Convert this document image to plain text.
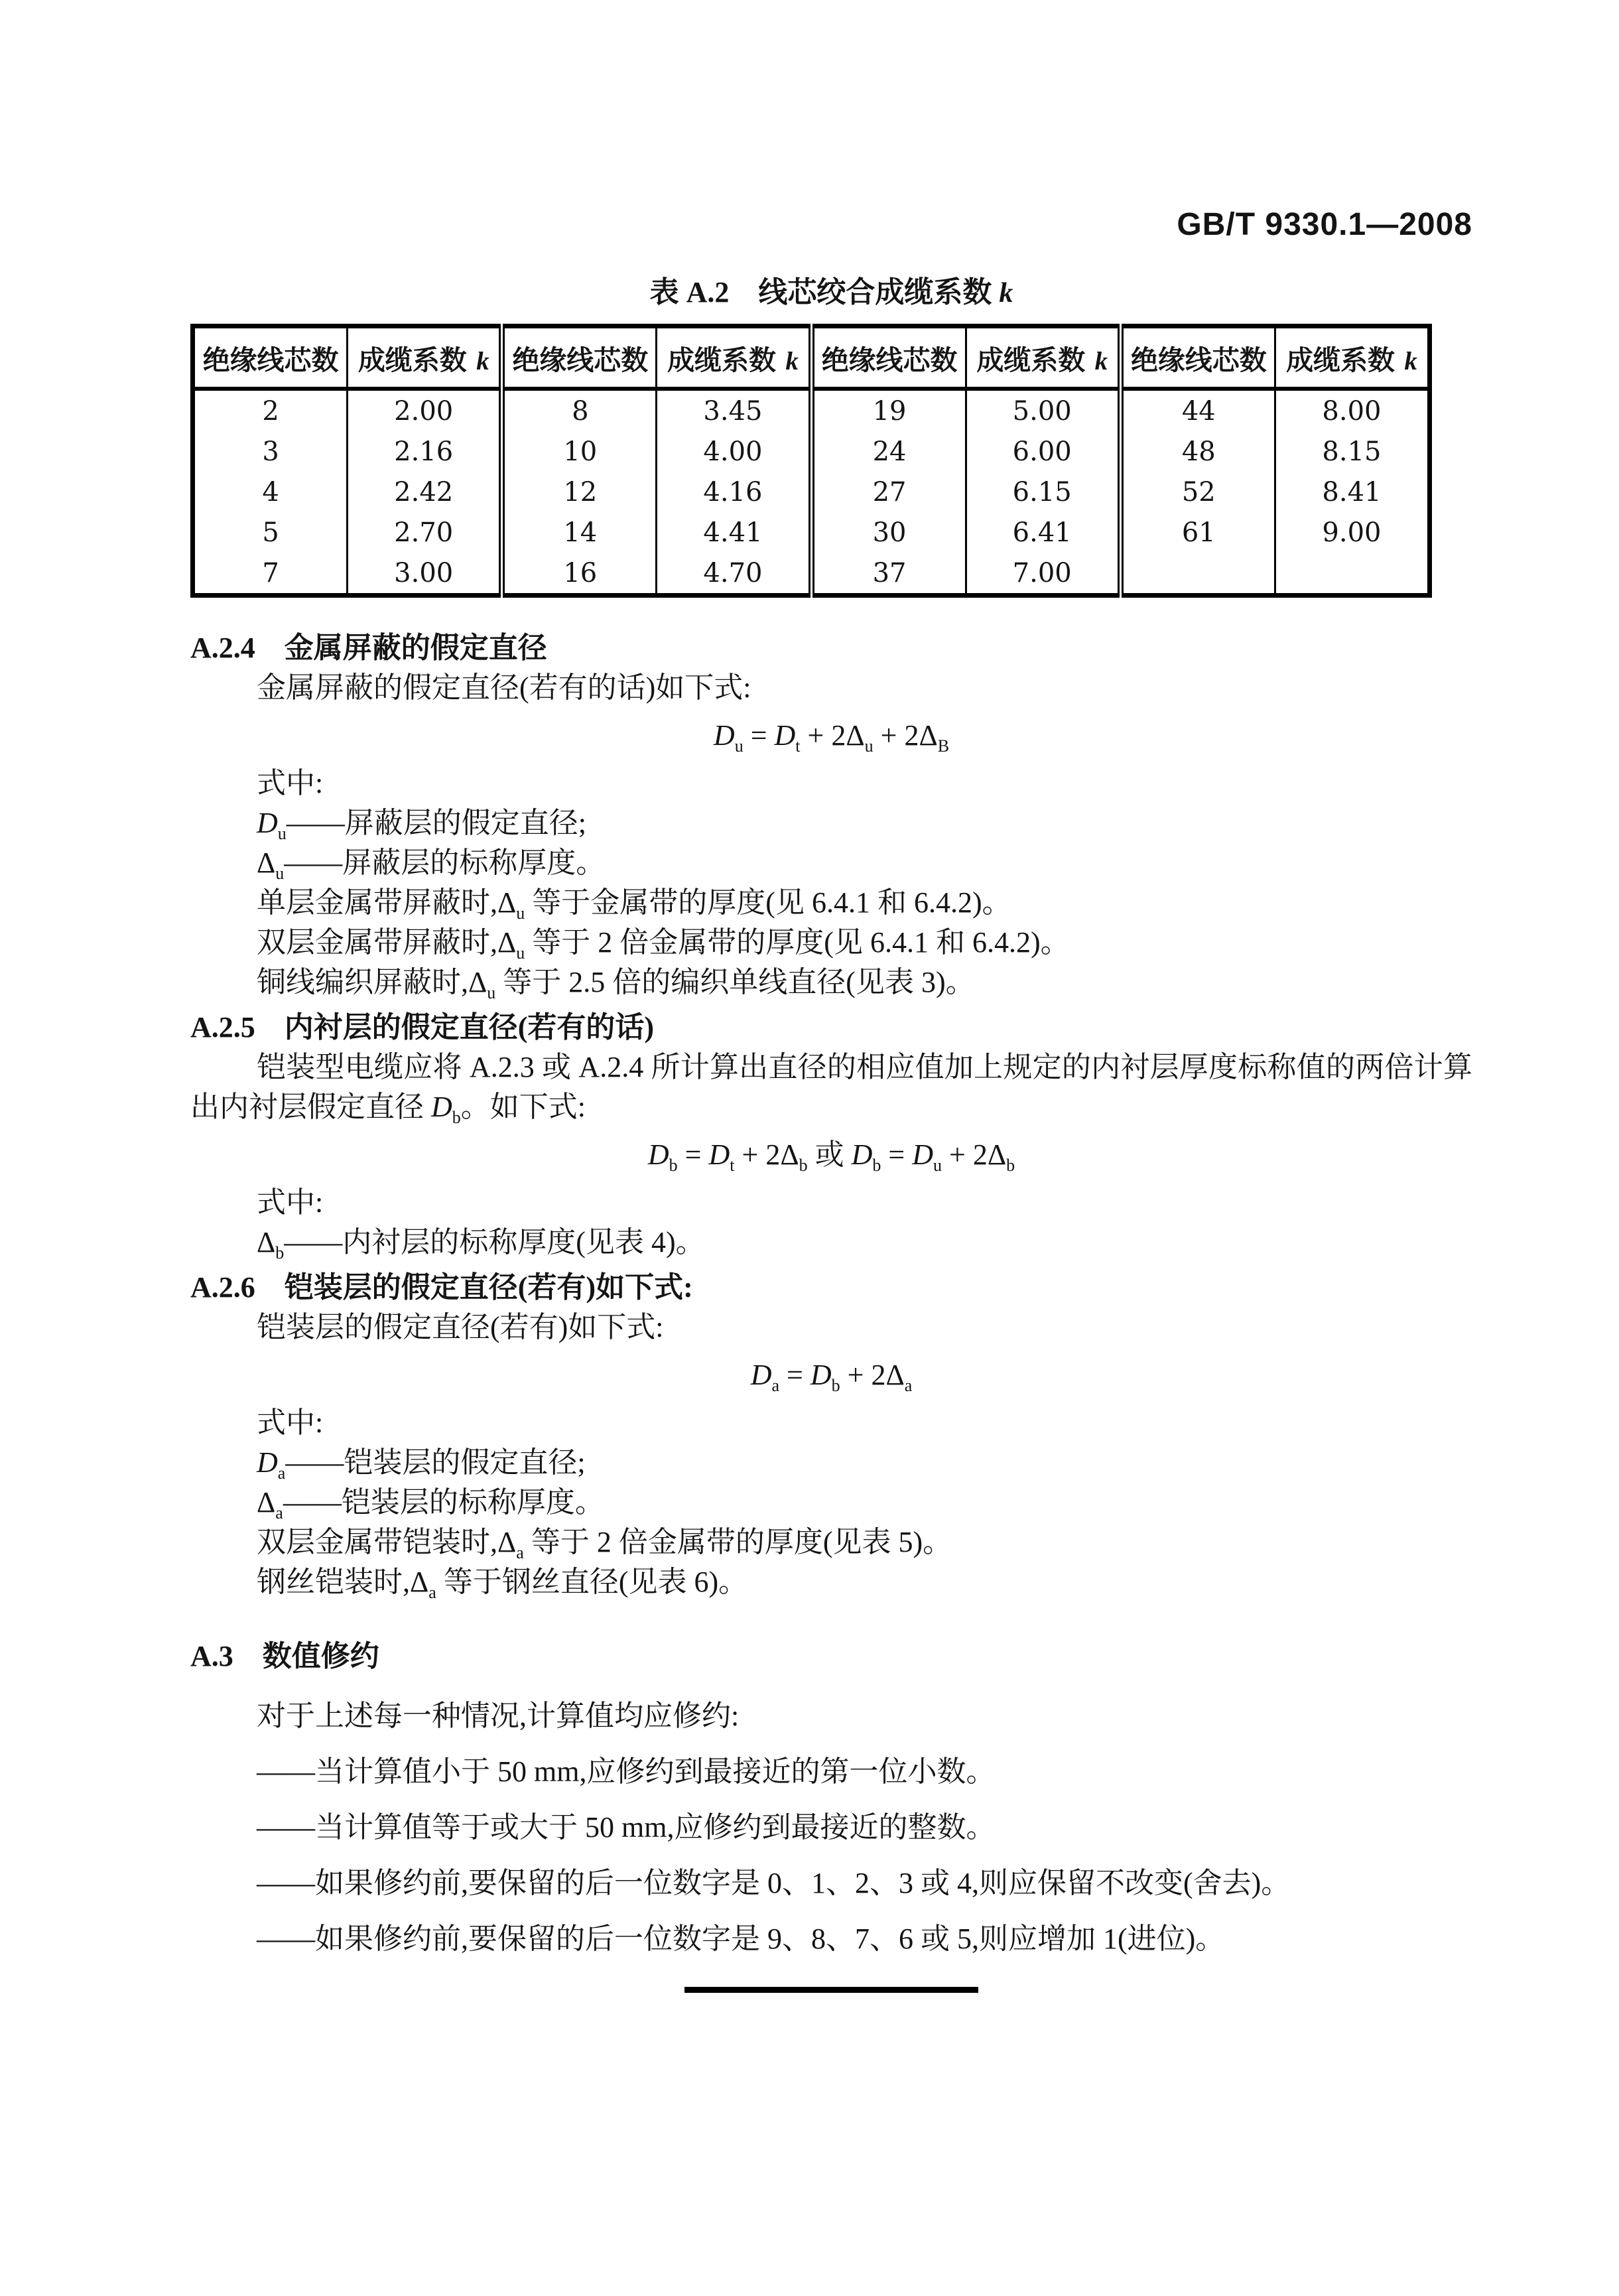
GB/T 9330.1—2008
表 A.2　线芯绞合成缆系数 k
绝缘线芯数	成缆系数 k	绝缘线芯数	成缆系数 k	绝缘线芯数	成缆系数 k	绝缘线芯数	成缆系数 k
2	2.00	8	3.45	19	5.00	44	8.00
3	2.16	10	4.00	24	6.00	48	8.15
4	2.42	12	4.16	27	6.15	52	8.41
5	2.70	14	4.41	30	6.41	61	9.00
7	3.00	16	4.70	37	7.00		
A.2.4　金属屏蔽的假定直径
金属屏蔽的假定直径(若有的话)如下式:
$D_u = D_t + 2\Delta_u + 2\Delta_B$
式中:
$D_u——$屏蔽层的假定直径;
$\Delta_u——$屏蔽层的标称厚度。
单层金属带屏蔽时$,\Delta_u$ 等于金属带的厚度(见 6.4.1 和 6.4.2)。
双层金属带屏蔽时$,\Delta_u$ 等于 2 倍金属带的厚度(见 6.4.1 和 6.4.2)。
铜线编织屏蔽时$,\Delta_u$ 等于 2.5 倍的编织单线直径(见表 3)。
A.2.5　内衬层的假定直径(若有的话)
铠装型电缆应将 A.2.3 或 A.2.4 所计算出直径的相应值加上规定的内衬层厚度标称值的两倍计算出内衬层假定直径 $D_b$。如下式:
$D_b = D_t + 2\Delta_b$ 或 $D_b = D_u + 2\Delta_b$
式中:
$\Delta_b——$内衬层的标称厚度(见表 4)。
A.2.6　铠装层的假定直径(若有)如下式:
铠装层的假定直径(若有)如下式:
$D_a = D_b + 2\Delta_a$
式中:
$D_a——$铠装层的假定直径;
$\Delta_a——$铠装层的标称厚度。
双层金属带铠装时$,\Delta_a$ 等于 2 倍金属带的厚度(见表 5)。
钢丝铠装时$,\Delta_a$ 等于钢丝直径(见表 6)。
A.3　数值修约
对于上述每一种情况,计算值均应修约:
——当计算值小于 50 mm,应修约到最接近的第一位小数。
——当计算值等于或大于 50 mm,应修约到最接近的整数。
——如果修约前,要保留的后一位数字是 0、1、2、3 或 4,则应保留不改变(舍去)。
——如果修约前,要保留的后一位数字是 9、8、7、6 或 5,则应增加 1(进位)。
